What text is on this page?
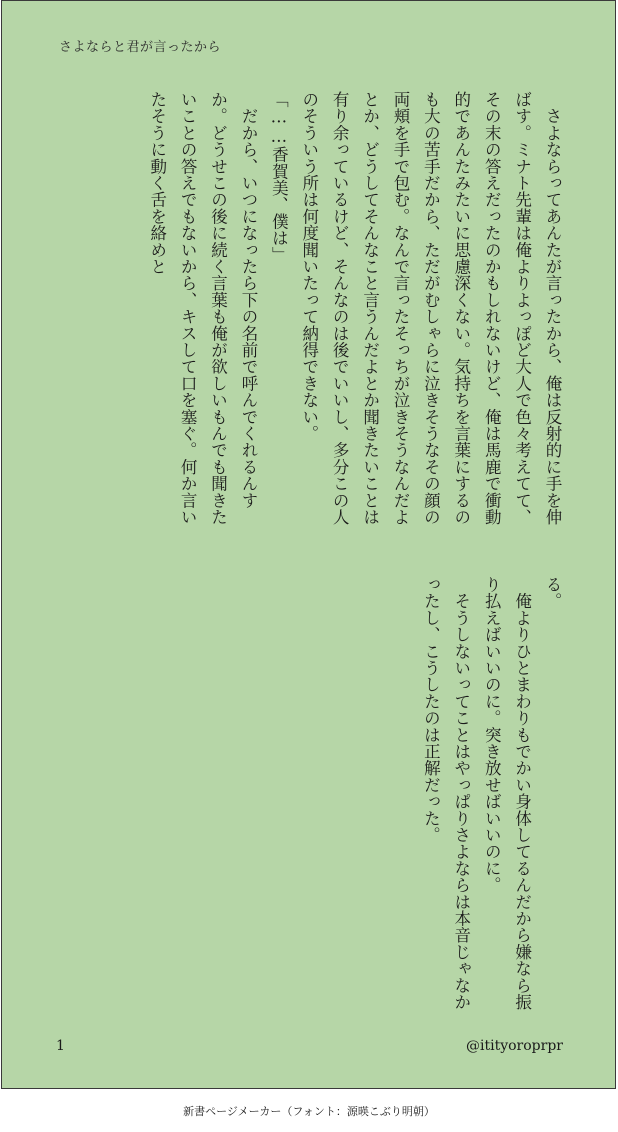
さよならと君が言ったから

　さよならってあんたが言ったから、俺は反射的に手を伸ばす。ミナト先輩は俺よりよっぽど大人で色々考えてて、その末の答えだったのかもしれないけど、俺は馬鹿で衝動的であんたみたいに思慮深くない。気持ちを言葉にするのも大の苦手だから、ただがむしゃらに泣きそうなその顔の両頬を手で包む。なんで言ったそっちが泣きそうなんだよとか、どうしてそんなこと言うんだよとか聞きたいことは有り余っているけど、そんなのは後でいいし、多分この人のそういう所は何度聞いたって納得できない。

「……香賀美、僕は」

　だから、いつになったら下の名前で呼んでくれるんすか。どうせこの後に続く言葉も俺が欲しいもんでも聞きたいことの答えでもないから、キスして口を塞ぐ。何か言いたそうに動く舌を絡めと

る。

　俺よりひとまわりもでかい身体してるんだから嫌なら振り払えばいいのに。突き放せばいいのに。

　そうしないってことはやっぱりさよならは本音じゃなかったし、こうしたのは正解だった。

1	@itityoroprpr
新書ページメーカー（フォント：源暎こぶり明朝）
